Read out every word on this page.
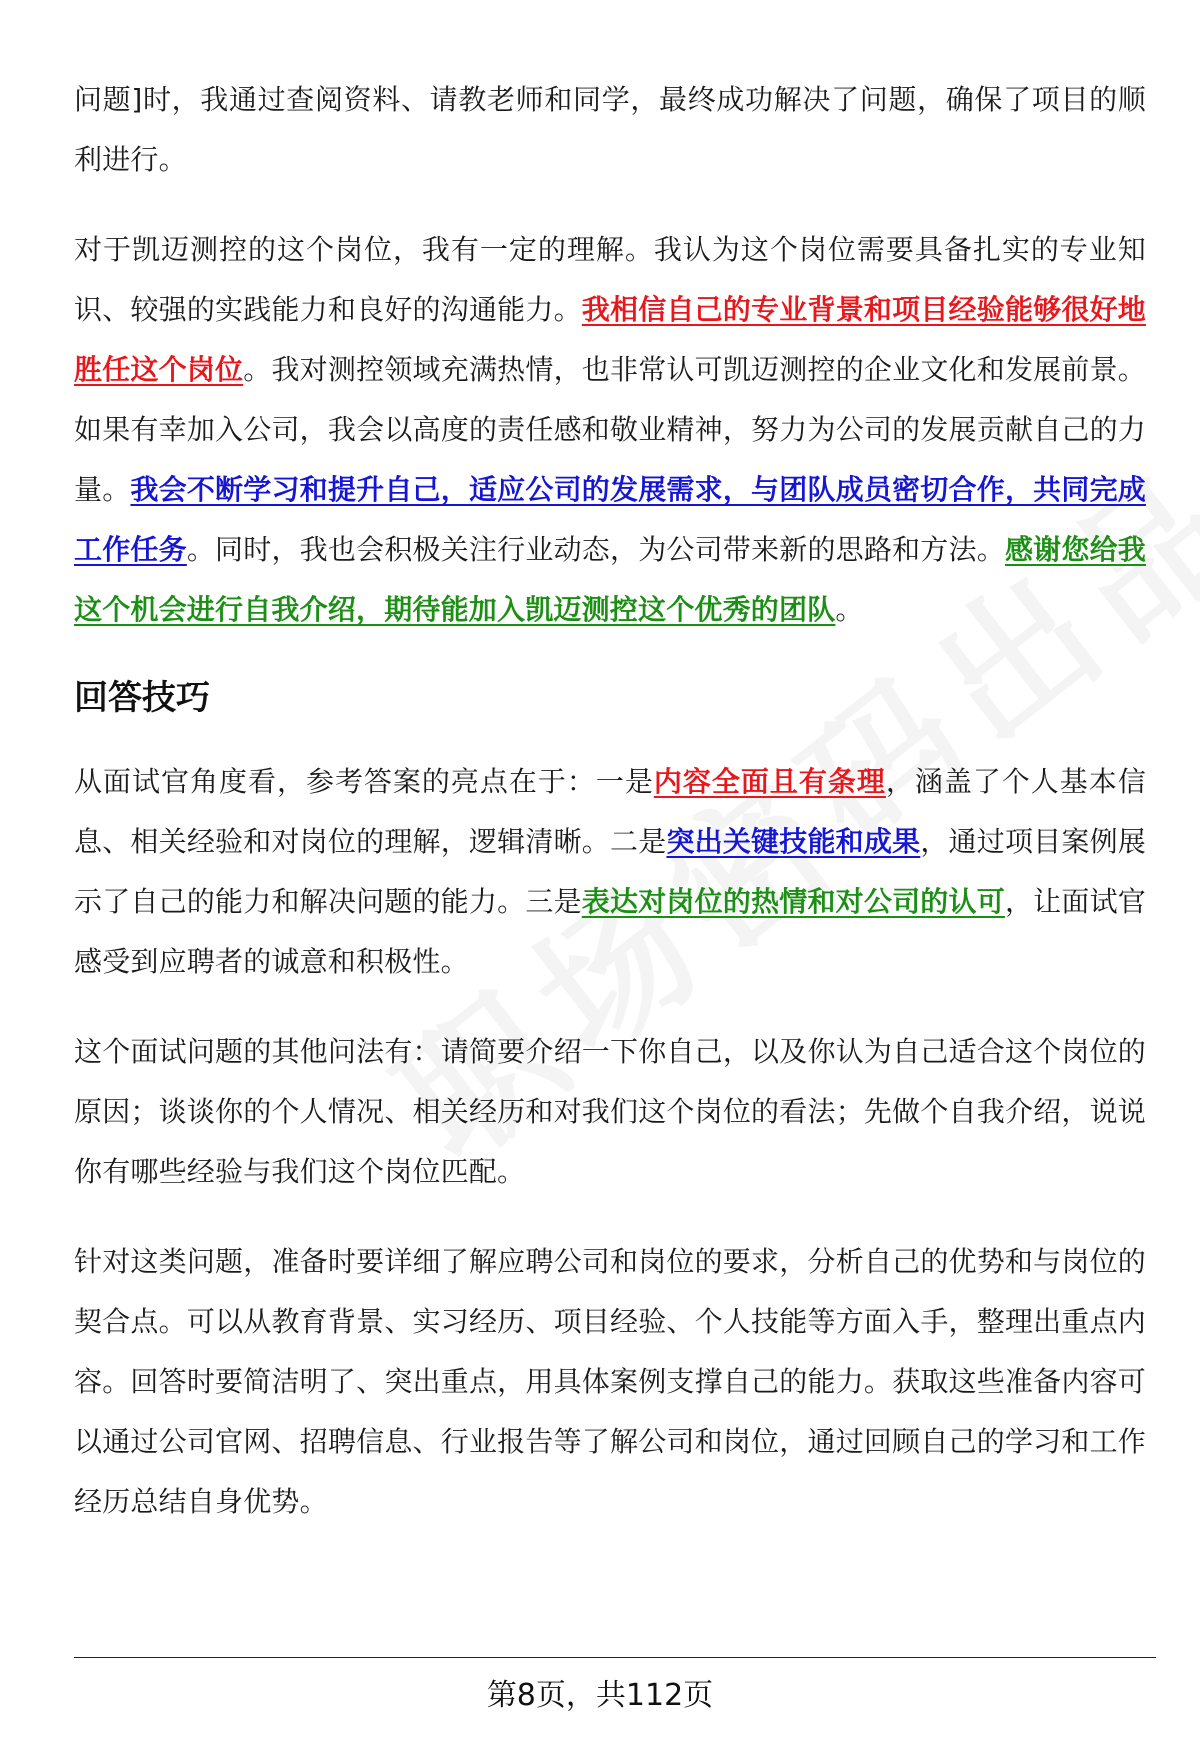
问题]时，我通过查阅资料、请教老师和同学，最终成功解决了问题，确保了项目的顺利进行。

对于凯迈测控的这个岗位，我有一定的理解。我认为这个岗位需要具备扎实的专业知识、较强的实践能力和良好的沟通能力。我相信自己的专业背景和项目经验能够很好地胜任这个岗位。我对测控领域充满热情，也非常认可凯迈测控的企业文化和发展前景。如果有幸加入公司，我会以高度的责任感和敬业精神，努力为公司的发展贡献自己的力量。我会不断学习和提升自己，适应公司的发展需求，与团队成员密切合作，共同完成工作任务。同时，我也会积极关注行业动态，为公司带来新的思路和方法。感谢您给我这个机会进行自我介绍，期待能加入凯迈测控这个优秀的团队。

回答技巧

从面试官角度看，参考答案的亮点在于：一是内容全面且有条理，涵盖了个人基本信息、相关经验和对岗位的理解，逻辑清晰。二是突出关键技能和成果，通过项目案例展示了自己的能力和解决问题的能力。三是表达对岗位的热情和对公司的认可，让面试官感受到应聘者的诚意和积极性。

这个面试问题的其他问法有：请简要介绍一下你自己，以及你认为自己适合这个岗位的原因；谈谈你的个人情况、相关经历和对我们这个岗位的看法；先做个自我介绍，说说你有哪些经验与我们这个岗位匹配。

针对这类问题，准备时要详细了解应聘公司和岗位的要求，分析自己的优势和与岗位的契合点。可以从教育背景、实习经历、项目经验、个人技能等方面入手，整理出重点内容。回答时要简洁明了、突出重点，用具体案例支撑自己的能力。获取这些准备内容可以通过公司官网、招聘信息、行业报告等了解公司和岗位，通过回顾自己的学习和工作经历总结自身优势。

第8页，共112页
